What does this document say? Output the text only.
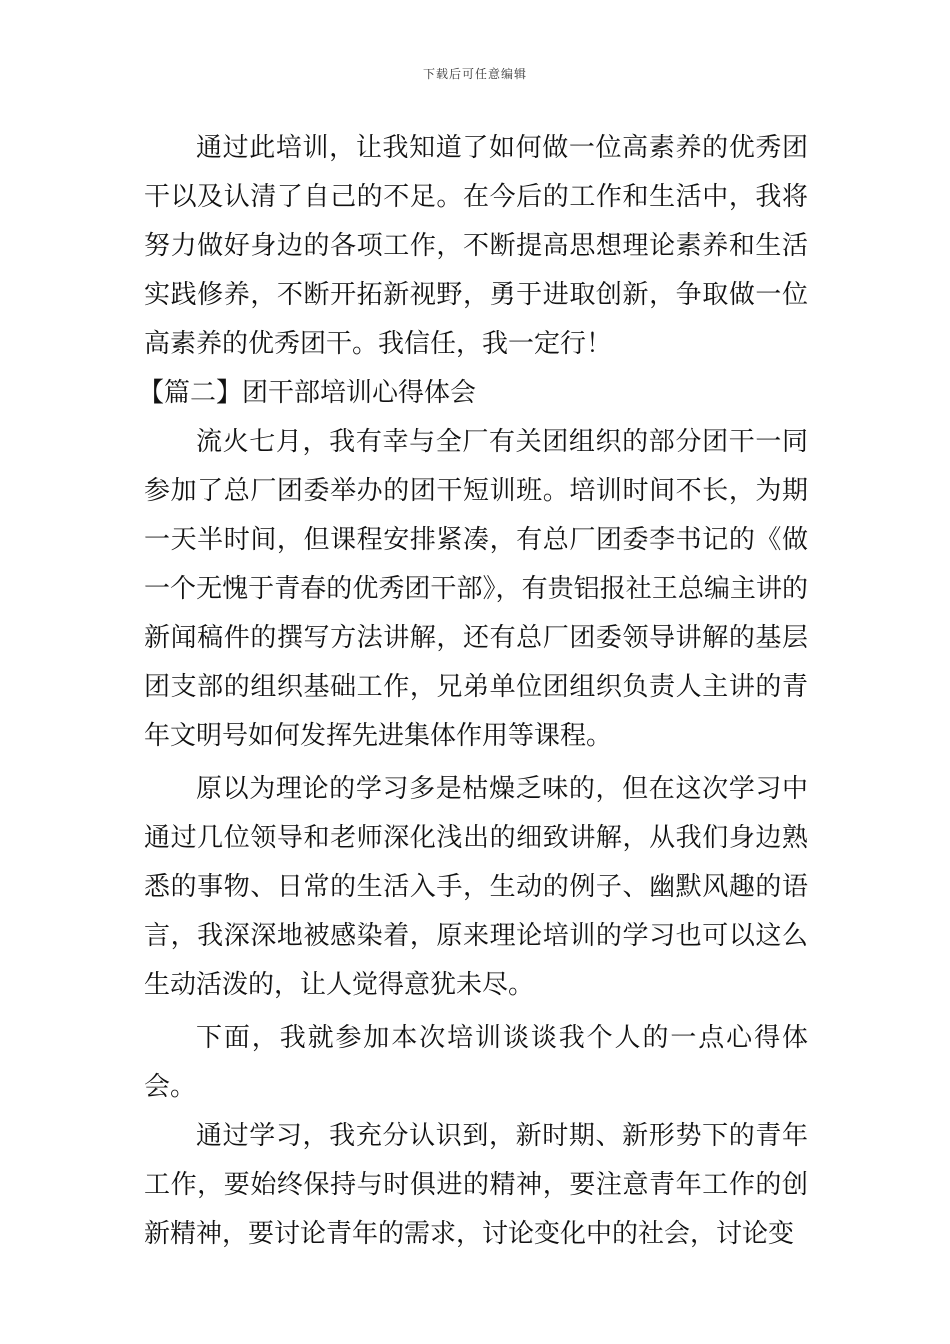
下载后可任意编辑

通过此培训，让我知道了如何做一位高素养的优秀团干以及认清了自己的不足。在今后的工作和生活中，我将努力做好身边的各项工作，不断提高思想理论素养和生活实践修养，不断开拓新视野，勇于进取创新，争取做一位高素养的优秀团干。我信任，我一定行！

【篇二】团干部培训心得体会

流火七月，我有幸与全厂有关团组织的部分团干一同参加了总厂团委举办的团干短训班。培训时间不长，为期一天半时间，但课程安排紧凑，有总厂团委李书记的《做一个无愧于青春的优秀团干部》，有贵铝报社王总编主讲的新闻稿件的撰写方法讲解，还有总厂团委领导讲解的基层团支部的组织基础工作，兄弟单位团组织负责人主讲的青年文明号如何发挥先进集体作用等课程。

原以为理论的学习多是枯燥乏味的，但在这次学习中通过几位领导和老师深化浅出的细致讲解，从我们身边熟悉的事物、日常的生活入手，生动的例子、幽默风趣的语言，我深深地被感染着，原来理论培训的学习也可以这么生动活泼的，让人觉得意犹未尽。

下面，我就参加本次培训谈谈我个人的一点心得体会。

通过学习，我充分认识到，新时期、新形势下的青年工作，要始终保持与时俱进的精神，要注意青年工作的创新精神，要讨论青年的需求，讨论变化中的社会，讨论变
